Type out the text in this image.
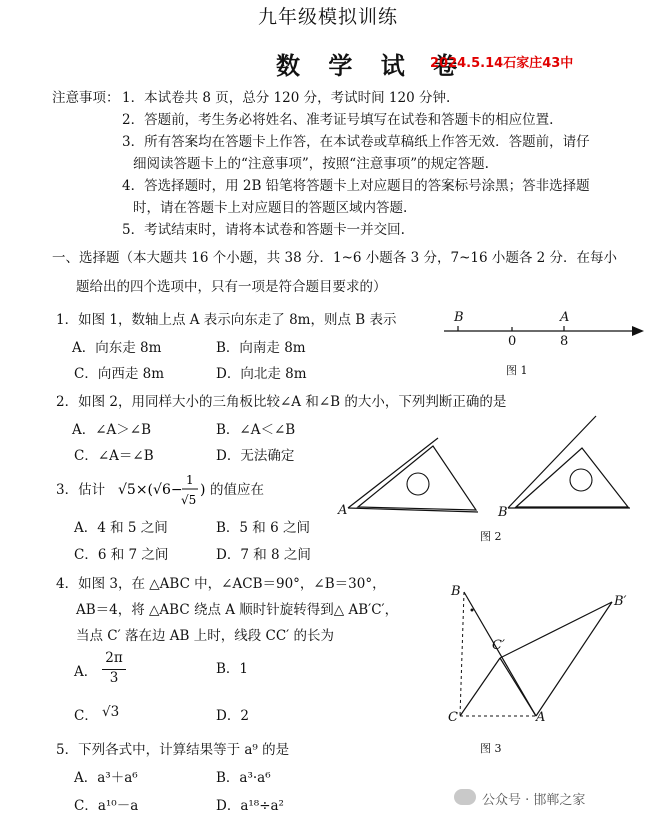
九年级模拟训练
数 学 试 卷
2024.5.14石家庄43中
注意事项： 1．本试卷共 8 页，总分 120 分，考试时间 120 分钟.
2．答题前，考生务必将姓名、准考证号填写在试卷和答题卡的相应位置.
3．所有答案均在答题卡上作答，在本试卷或草稿纸上作答无效．答题前，请仔
细阅读答题卡上的“注意事项”，按照“注意事项”的规定答题.
4．答选择题时，用 2B 铅笔将答题卡上对应题目的答案标号涂黑；答非选择题
时，请在答题卡上对应题目的答题区域内答题.
5．考试结束时，请将本试卷和答题卡一并交回.
一、选择题（本大题共 16 个小题，共 38 分．1~6 小题各 3 分，7~16 小题各 2 分．在每小
题给出的四个选项中，只有一项是符合题目要求的）
1．如图 1，数轴上点 A 表示向东走了 8m，则点 B 表示
A．向东走 8m	B．向南走 8m
C．向西走 8m	D．向北走 8m
B	A
0	8
图 1
2．如图 2，用同样大小的三角板比较∠A 和∠B 的大小，下列判断正确的是
A．∠A＞∠B	B．∠A＜∠B
C．∠A＝∠B	D．无法确定
3．估计 √5×(√6−
1
√5
) 的值应在
A．4 和 5 之间	B．5 和 6 之间
C．6 和 7 之间	D．7 和 8 之间
A	B
图 2
4．如图 3，在 △ABC 中，∠ACB＝90°，∠B＝30°，
AB＝4，将 △ABC 绕点 A 顺时针旋转得到△ AB′C′，
当点 C′ 落在边 AB 上时，线段 CC′ 的长为
A．
2π
3
B．1
C． √3	D．2
B
B′
C′
C	A
图 3
5．下列各式中，计算结果等于 a⁹ 的是
A．a³＋a⁶	B．a³·a⁶
C．a¹⁰－a	D．a¹⁸÷a²	公众号 · 邯郸之家
